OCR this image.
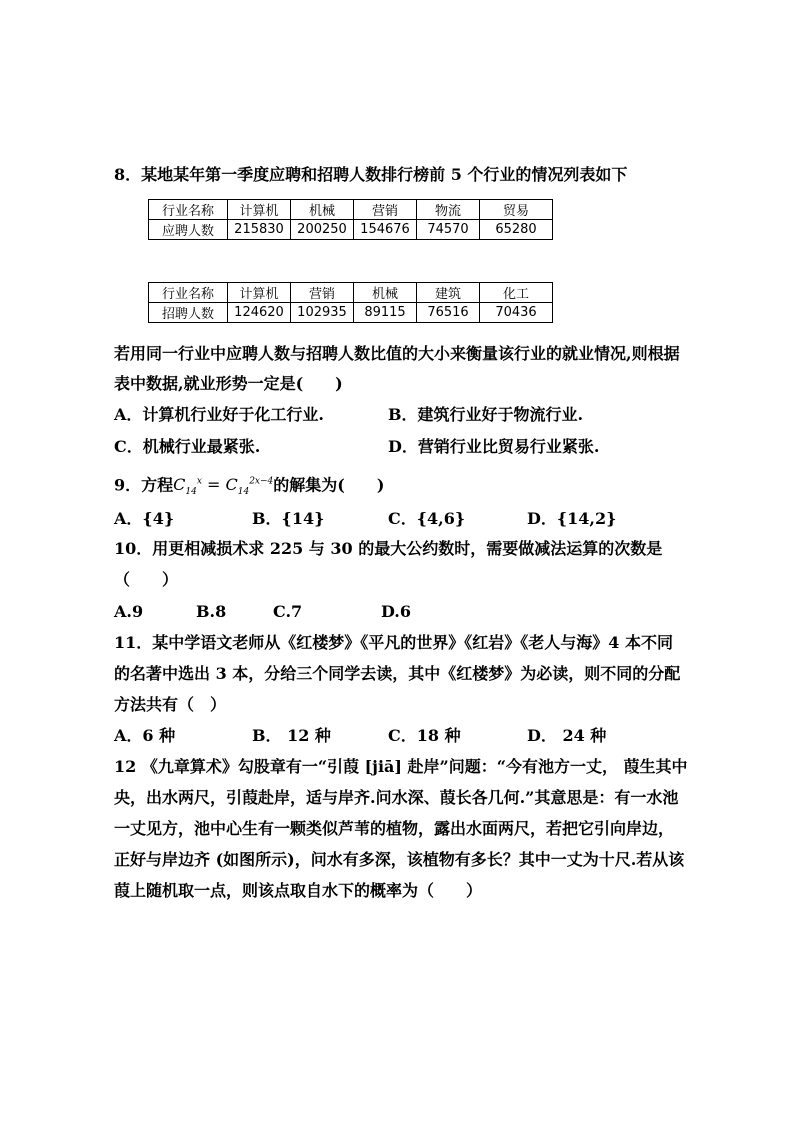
8．某地某年第一季度应聘和招聘人数排行榜前 5 个行业的情况列表如下
行业名称	计算机	机械	营销	物流	贸易
应聘人数	215830	200250	154676	74570	65280
行业名称	计算机	营销	机械	建筑	化工
招聘人数	124620	102935	89115	76516	70436
若用同一行业中应聘人数与招聘人数比值的大小来衡量该行业的就业情况,则根据
表中数据,就业形势一定是(　　)
A．计算机行业好于化工行业.	B．建筑行业好于物流行业.
C．机械行业最紧张.	D．营销行业比贸易行业紧张.
9．方程$C_{14}^x = C_{14}^{2x-4}$的解集为(　　)
A．{4}	B．{14}	C．{4,6}	D．{14,2}
10．用更相减损术求 225 与 30 的最大公约数时，需要做减法运算的次数是
（　　）
A.9	B.8	C.7	D.6
11．某中学语文老师从《红楼梦》《平凡的世界》《红岩》《老人与海》4 本不同
的名著中选出 3 本，分给三个同学去读，其中《红楼梦》为必读，则不同的分配
方法共有（　）
A．6 种	B． 12 种	C．18 种	D． 24 种
12 《九章算术》勾股章有一“引葭 [jiā] 赴岸”问题：“今有池方一丈， 葭生其中
央，出水两尺，引葭赴岸，适与岸齐.问水深、葭长各几何.”其意思是：有一水池
一丈见方，池中心生有一颗类似芦苇的植物，露出水面两尺，若把它引向岸边，
正好与岸边齐 (如图所示)，问水有多深，该植物有多长？其中一丈为十尺.若从该
葭上随机取一点，则该点取自水下的概率为（　　）
